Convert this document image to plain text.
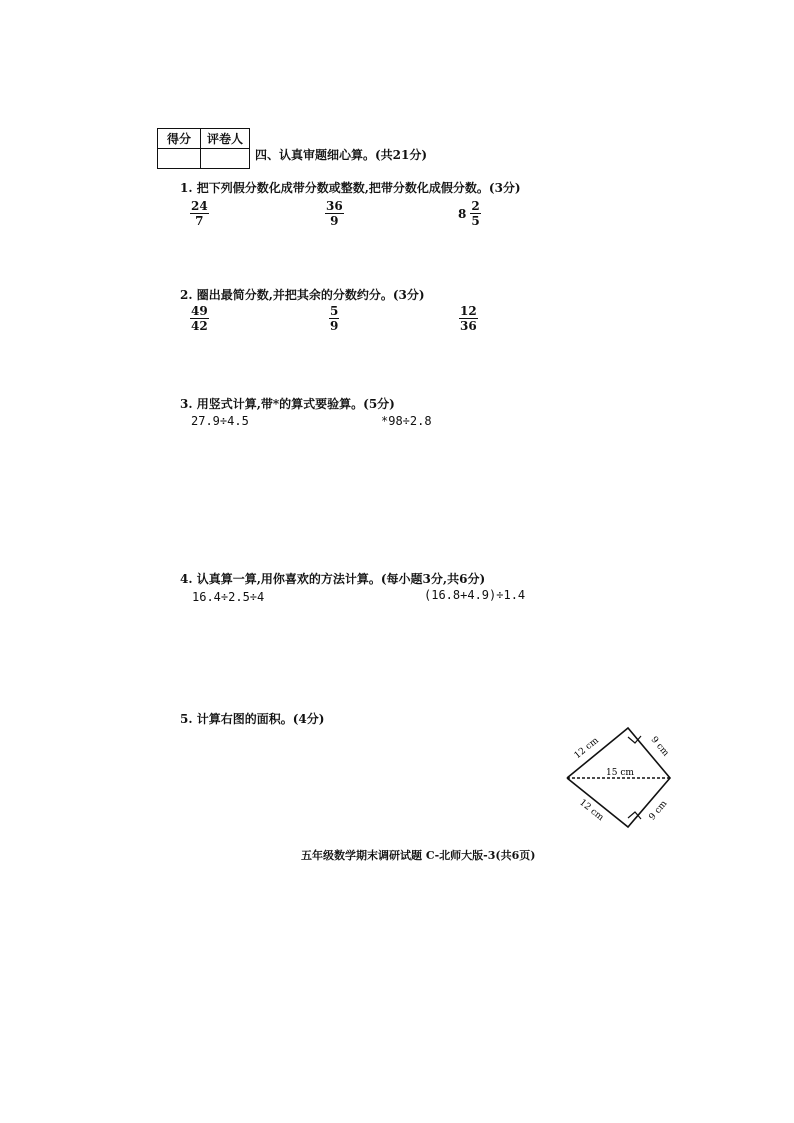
得分	评卷人

四、认真审题细心算。(共21分)
1. 把下列假分数化成带分数或整数,把带分数化成假分数。(3分)
$\frac{24}{7}$	$\frac{36}{9}$	$8 \frac{2}{5}$
2. 圈出最简分数,并把其余的分数约分。(3分)
$\frac{49}{42}$	$\frac{5}{9}$	$\frac{12}{36}$
3. 用竖式计算,带*的算式要验算。(5分)
27.9÷4.5	*98÷2.8
4. 认真算一算,用你喜欢的方法计算。(每小题3分,共6分)
16.4÷2.5÷4	(16.8+4.9)÷1.4
5. 计算右图的面积。(4分)
12 cm	9 cm
15 cm
12 cm	9 cm
五年级数学期末调研试题 C-北师大版-3(共6页)
